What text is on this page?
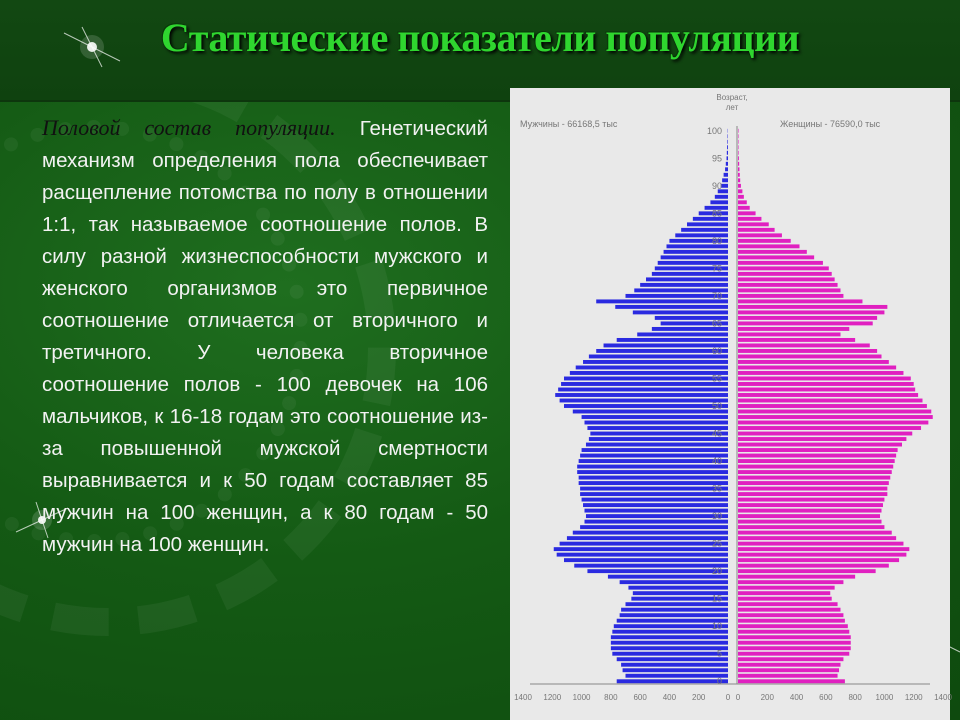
Статические показатели популяции
Половой состав популяции. Генетический механизм определения пола обеспечивает расщепление потомства по полу в отношении 1:1, так называемое соотношение полов. В силу разной жизнеспособности мужского и женского организмов это первичное соотношение отличается от вторичного и третичного. У человека вторичное соотношение полов - 100 девочек на 106 мальчиков, к 16-18 годам это соотношение из-за повышенной мужской смертности выравнивается и к 50 годам составляет 85 мужчин на 100 женщин, а к 80 годам - 50 мужчин на 100 женщин.
Возраст,
лет
Мужчины - 66168,5 тыс	Женщины - 76590,0 тыс
0
5
10
15
20
25
30
35
40
45
50
55
60
65
70
75
80
85
90
95
100
1400 1200 1000 800 600 400 200	0 0	200 400 600 800 1000 1200 1400
